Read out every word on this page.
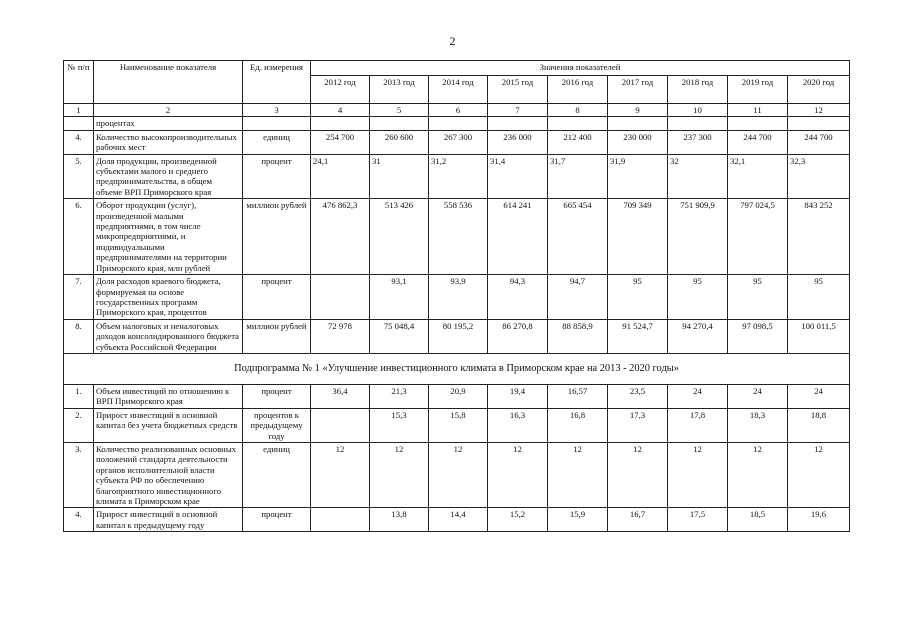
2
№ п/п	Наименование показателя	Ед. измерения	Значения показателей								
			2012 год	2013 год	2014 год	2015 год	2016 год	2017 год	2018 год	2019 год	2020 год
1	2	3	4	5	6	7	8	9	10	11	12
	процентах										
4.	Количество высокопроизводительных рабочих мест	единиц	254 700	260 600	267 300	236 000	212 400	230 000	237 300	244 700	244 700
5.	Доля продукции, произведенной субъектами малого и среднего предпринимательства, в общем объеме ВРП Приморского края	процент	24,1	31	31,2	31,4	31,7	31,9	32	32,1	32,3
6.	Оборот продукции (услуг), произведенной малыми предприятиями, в том числе микропредприятиями, и индивидуальными предпринимателями на территории Приморского края, млн рублей	миллион рублей	476 862,3	513 426	558 536	614 241	665 454	709 349	751 909,9	797 024,5	843 252
7.	Доля расходов краевого бюджета, формируемая на основе государственных программ Приморского края, процентов	процент		93,1	93,9	94,3	94,7	95	95	95	95
8.	Объем налоговых и неналоговых доходов консолидированного бюджета субъекта Российской Федерации	миллион рублей	72 978	75 048,4	80 195,2	86 270,8	88 858,9	91 524,7	94 270,4	97 098,5	100 011,5
Подпрограмма № 1 «Улучшение инвестиционного климата в Приморском крае на 2013 - 2020 годы»											
1.	Объем инвестиций по отношению к ВРП Приморского края	процент	36,4	21,3	20,9	19,4	16,57	23,5	24	24	24
2.	Прирост инвестиций в основной капитал без учета бюджетных средств	процентов к предыдущему году		15,3	15,8	16,3	16,8	17,3	17,8	18,3	18,8
3.	Количество реализованных основных положений стандарта деятельности органов исполнительной власти субъекта РФ по обеспечению благоприятного инвестиционного климата в Приморском крае	единиц	12	12	12	12	12	12	12	12	12
4.	Прирост инвестиций в основной капитал к предыдущему году	процент		13,8	14,4	15,2	15,9	16,7	17,5	18,5	19,6
